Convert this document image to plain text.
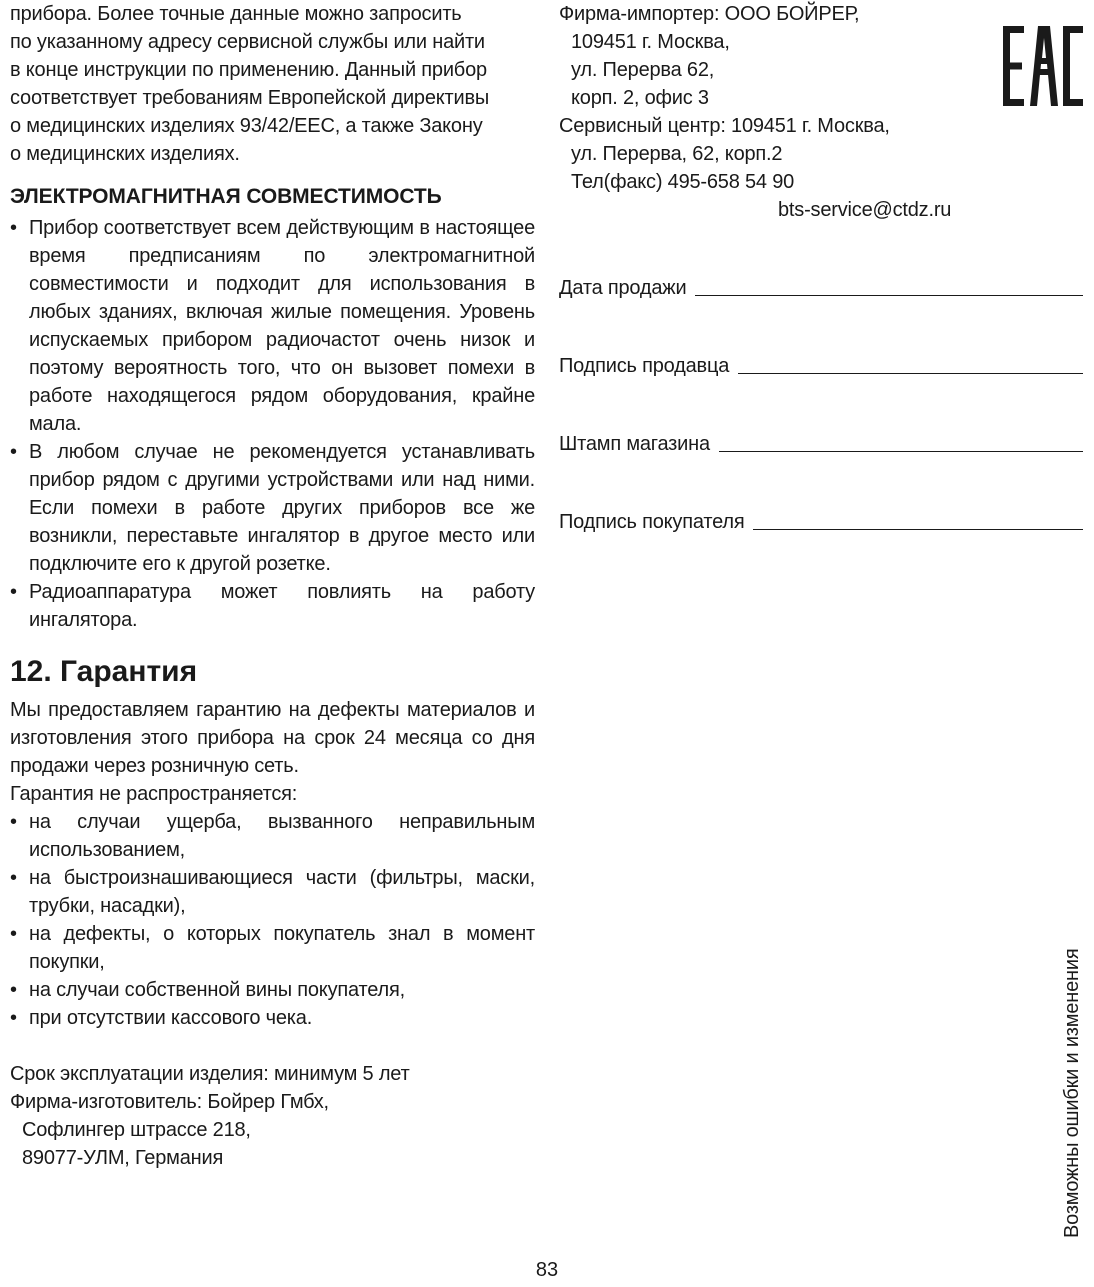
прибора. Более точные данные можно запросить

по указанному адресу сервисной службы или найти

в конце инструкции по применению. Данный прибор

соответствует требованиям Европейской директивы

о медицинских изделиях 93/42/EEC, а также Закону

о медицинских изделиях.

ЭЛЕКТРОМАГНИТНАЯ СОВМЕСТИМОСТЬ
• Прибор соответствует всем действующим в настоящее время предписаниям по электромагнитной совместимости и подходит для использования в любых зданиях, включая жилые помещения. Уровень испускаемых прибором радиочастот очень низок и поэтому вероятность того, что он вызовет помехи в работе находящегося рядом оборудования, крайне мала.
• В любом случае не рекомендуется устанавливать прибор рядом с другими устройствами или над ними. Если помехи в работе других приборов все же возникли, переставьте ингалятор в другое место или подключите его к другой розетке.
• Радиоаппаратура может повлиять на работу ингалятора.
12. Гарантия

Мы предоставляем гарантию на дефекты материалов и изготовления этого прибора на срок 24 месяца со дня продажи через розничную сеть.

Гарантия не распространяется:

• на случаи ущерба, вызванного неправильным использованием,
• на быстроизнашивающиеся части (фильтры, маски, трубки, насадки),
• на дефекты, о которых покупатель знал в момент покупки,
• на случаи собственной вины покупателя,
• при отсутствии кассового чека.

Срок эксплуатации изделия: минимум 5 лет

Фирма-изготовитель: Бойрер Гмбх,

Софлингер штрассе 218,

89077-УЛМ, Германия

Фирма-импортер: ООО БОЙРЕР,

109451 г. Москва,

ул. Перерва 62,

корп. 2, офис 3

Сервисный центр: 109451 г. Москва,

ул. Перерва, 62, корп.2

Тел(факс) 495-658 54 90

bts-service@ctdz.ru

Дата продажи
Подпись продавца
Штамп магазина
Подпись покупателя
Возможны ошибки и изменения
83
